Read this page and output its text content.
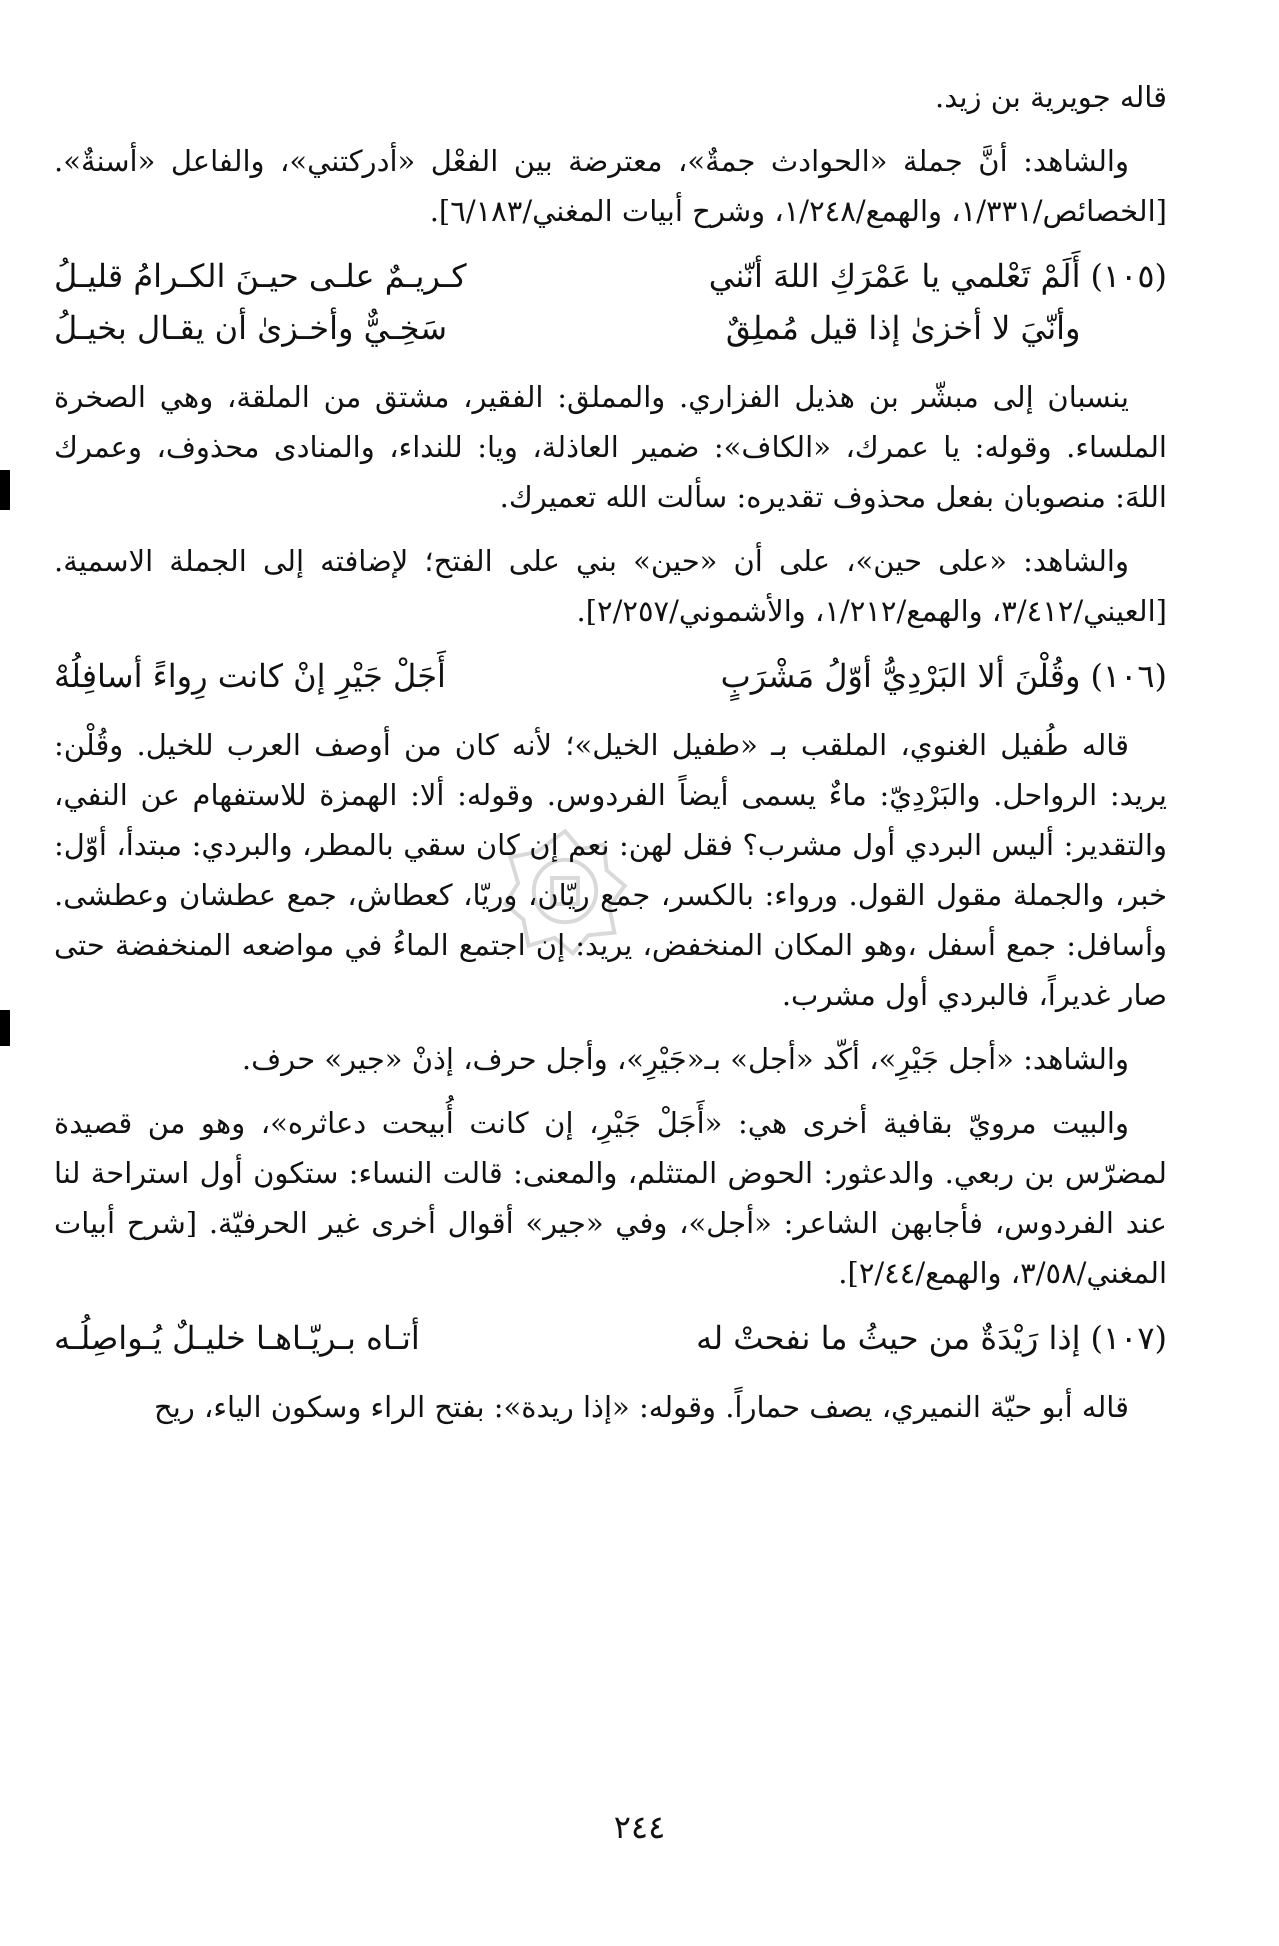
قاله جويرية بن زيد.

والشاهد: أنَّ جملة «الحوادث جمةٌ»، معترضة بين الفعْل «أدركتني»، والفاعل «أسنةٌ». [الخصائص/١/٣٣١، والهمع/١/٢٤٨، وشرح أبيات المغني/٦/١٨٣].

(١٠٥)
أَلَمْ تَعْلمي يا عَمْرَكِ اللهَ أنّني
كـريـمٌ علـى حيـنَ الكـرامُ قليـلُ
وأنّيَ لا أخزىٰ إذا قيل مُملِقٌ
سَخِـيٌّ وأخـزىٰ أن يقـال بخيـلُ

ينسبان إلى مبشّر بن هذيل الفزاري. والمملق: الفقير، مشتق من الملقة، وهي الصخرة الملساء. وقوله: يا عمرك، «الكاف»: ضمير العاذلة، ويا: للنداء، والمنادى محذوف، وعمرك اللهَ: منصوبان بفعل محذوف تقديره: سألت الله تعميرك.

والشاهد: «على حين»، على أن «حين» بني على الفتح؛ لإضافته إلى الجملة الاسمية. [العيني/٣/٤١٢، والهمع/١/٢١٢، والأشموني/٢/٢٥٧].

(١٠٦)
وقُلْنَ ألا البَرْدِيُّ أوّلُ مَشْرَبٍ
أَجَلْ جَيْرِ إنْ كانت رِواءً أسافِلُهْ

قاله طُفيل الغنوي، الملقب بـ «طفيل الخيل»؛ لأنه كان من أوصف العرب للخيل. وقُلْن: يريد: الرواحل. والبَرْدِيّ: ماءٌ يسمى أيضاً الفردوس. وقوله: ألا: الهمزة للاستفهام عن النفي، والتقدير: أليس البردي أول مشرب؟ فقل لهن: نعم إن كان سقي بالمطر، والبردي: مبتدأ، أوّل: خبر، والجملة مقول القول. ورواء: بالكسر، جمع ريّان، وريّا، كعطاش، جمع عطشان وعطشى. وأسافل: جمع أسفل ،وهو المكان المنخفض، يريد: إن اجتمع الماءُ في مواضعه المنخفضة حتى صار غديراً، فالبردي أول مشرب.

والشاهد: «أجل جَيْرِ»، أكّد «أجل» بـ«جَيْرِ»، وأجل حرف، إذنْ «جير» حرف.

والبيت مرويّ بقافية أخرى هي: «أَجَلْ جَيْرِ، إن كانت أُبيحت دعاثره»، وهو من قصيدة لمضرّس بن ربعي. والدعثور: الحوض المتثلم، والمعنى: قالت النساء: ستكون أول استراحة لنا عند الفردوس، فأجابهن الشاعر: «أجل»، وفي «جير» أقوال أخرى غير الحرفيّة. [شرح أبيات المغني/٣/٥٨، والهمع/٢/٤٤].

(١٠٧)
إذا رَيْدَةٌ من حيثُ ما نفحتْ له
أتـاه بـريّـاهـا خليـلٌ يُـواصِلُـه

قاله أبو حيّة النميري، يصف حماراً. وقوله: «إذا ريدة»: بفتح الراء وسكون الياء، ريح

٢٤٤
